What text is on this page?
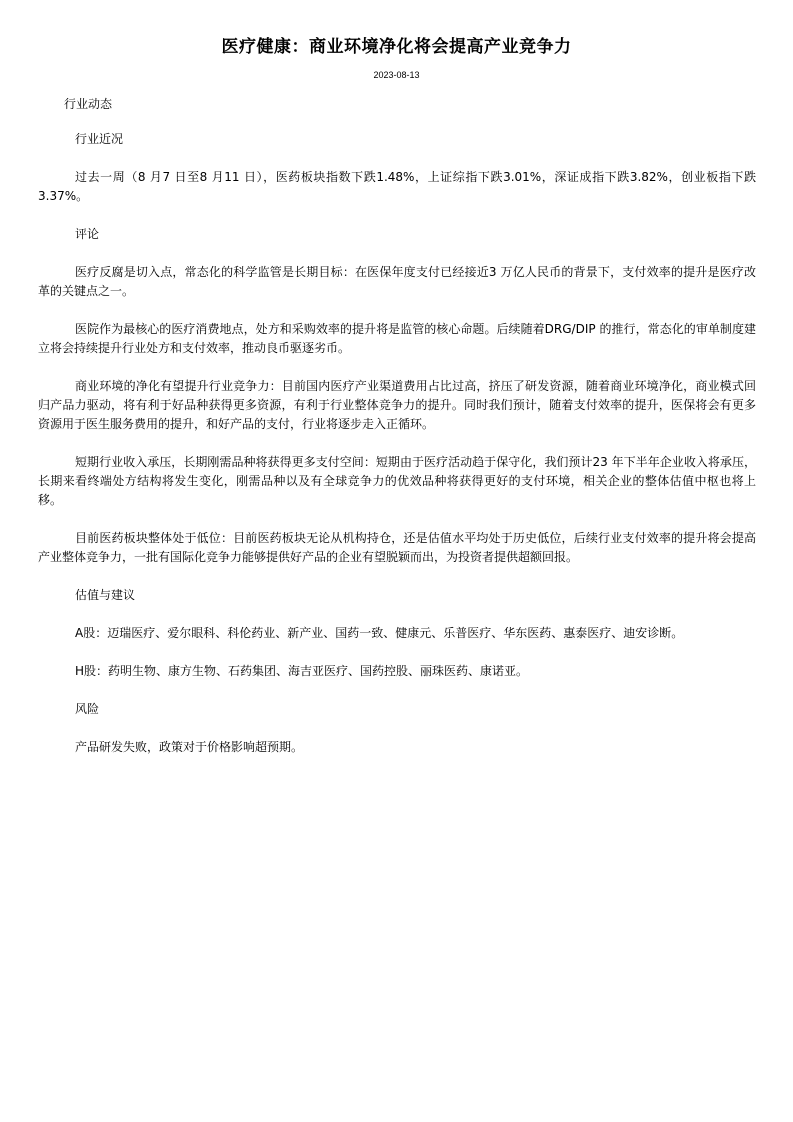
医疗健康：商业环境净化将会提高产业竞争力
2023-08-13
行业动态

行业近况

过去一周（8 月7 日至8 月11 日），医药板块指数下跌1.48%，上证综指下跌3.01%，深证成指下跌3.82%，创业板指下跌3.37%。

评论

医疗反腐是切入点，常态化的科学监管是长期目标：在医保年度支付已经接近3 万亿人民币的背景下，支付效率的提升是医疗改革的关键点之一。

医院作为最核心的医疗消费地点，处方和采购效率的提升将是监管的核心命题。后续随着DRG/DIP 的推行，常态化的审单制度建立将会持续提升行业处方和支付效率，推动良币驱逐劣币。

商业环境的净化有望提升行业竞争力：目前国内医疗产业渠道费用占比过高，挤压了研发资源，随着商业环境净化，商业模式回归产品力驱动，将有利于好品种获得更多资源，有利于行业整体竞争力的提升。同时我们预计，随着支付效率的提升，医保将会有更多资源用于医生服务费用的提升，和好产品的支付，行业将逐步走入正循环。

短期行业收入承压，长期刚需品种将获得更多支付空间：短期由于医疗活动趋于保守化，我们预计23 年下半年企业收入将承压，长期来看终端处方结构将发生变化，刚需品种以及有全球竞争力的优效品种将获得更好的支付环境，相关企业的整体估值中枢也将上移。

目前医药板块整体处于低位：目前医药板块无论从机构持仓，还是估值水平均处于历史低位，后续行业支付效率的提升将会提高产业整体竞争力，一批有国际化竞争力能够提供好产品的企业有望脱颖而出，为投资者提供超额回报。

估值与建议

A股：迈瑞医疗、爱尔眼科、科伦药业、新产业、国药一致、健康元、乐普医疗、华东医药、惠泰医疗、迪安诊断。

H股：药明生物、康方生物、石药集团、海吉亚医疗、国药控股、丽珠医药、康诺亚。

风险

产品研发失败，政策对于价格影响超预期。
